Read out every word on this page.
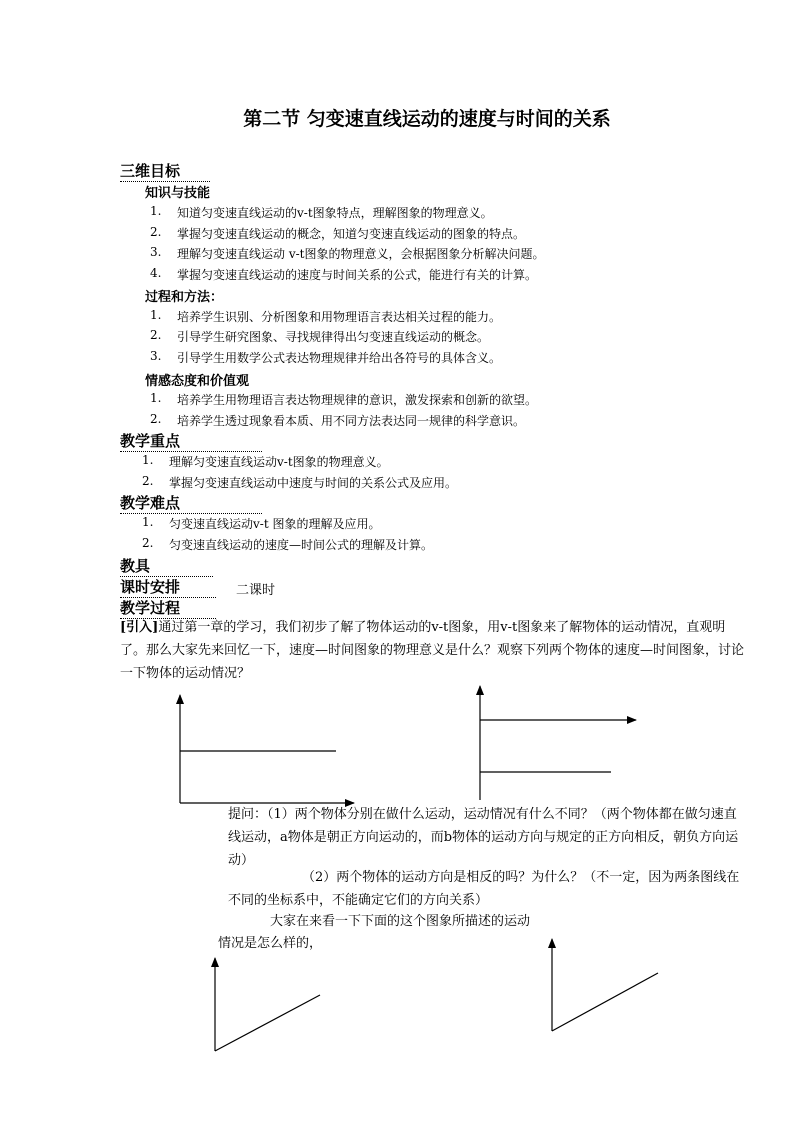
第二节 匀变速直线运动的速度与时间的关系
三维目标
知识与技能
1. 知道匀变速直线运动的v-t图象特点，理解图象的物理意义。
2. 掌握匀变速直线运动的概念，知道匀变速直线运动的图象的特点。
3. 理解匀变速直线运动 v-t图象的物理意义，会根据图象分析解决问题。
4. 掌握匀变速直线运动的速度与时间关系的公式，能进行有关的计算。
过程和方法：
1. 培养学生识别、分析图象和用物理语言表达相关过程的能力。
2. 引导学生研究图象、寻找规律得出匀变速直线运动的概念。
3. 引导学生用数学公式表达物理规律并给出各符号的具体含义。
情感态度和价值观
1. 培养学生用物理语言表达物理规律的意识，激发探索和创新的欲望。
2. 培养学生透过现象看本质、用不同方法表达同一规律的科学意识。
教学重点
1. 理解匀变速直线运动v-t图象的物理意义。
2. 掌握匀变速直线运动中速度与时间的关系公式及应用。
教学难点
1. 匀变速直线运动v-t 图象的理解及应用。
2. 匀变速直线运动的速度—时间公式的理解及计算。
教具
课时安排	二课时
教学过程
[引入]通过第一章的学习，我们初步了解了物体运动的v-t图象，用v-t图象来了解物体的运动情况，直观明了。那么大家先来回忆一下，速度—时间图象的物理意义是什么？观察下列两个物体的速度—时间图象，讨论一下物体的运动情况？
提问：（1）两个物体分别在做什么运动，运动情况有什么不同？（两个物体都在做匀速直线运动，a物体是朝正方向运动的，而b物体的运动方向与规定的正方向相反，朝负方向运动）
（2）两个物体的运动方向是相反的吗？为什么？（不一定，因为两条图线在不同的坐标系中，不能确定它们的方向关系）
大家在来看一下下面的这个图象所描述的运动
情况是怎么样的，
